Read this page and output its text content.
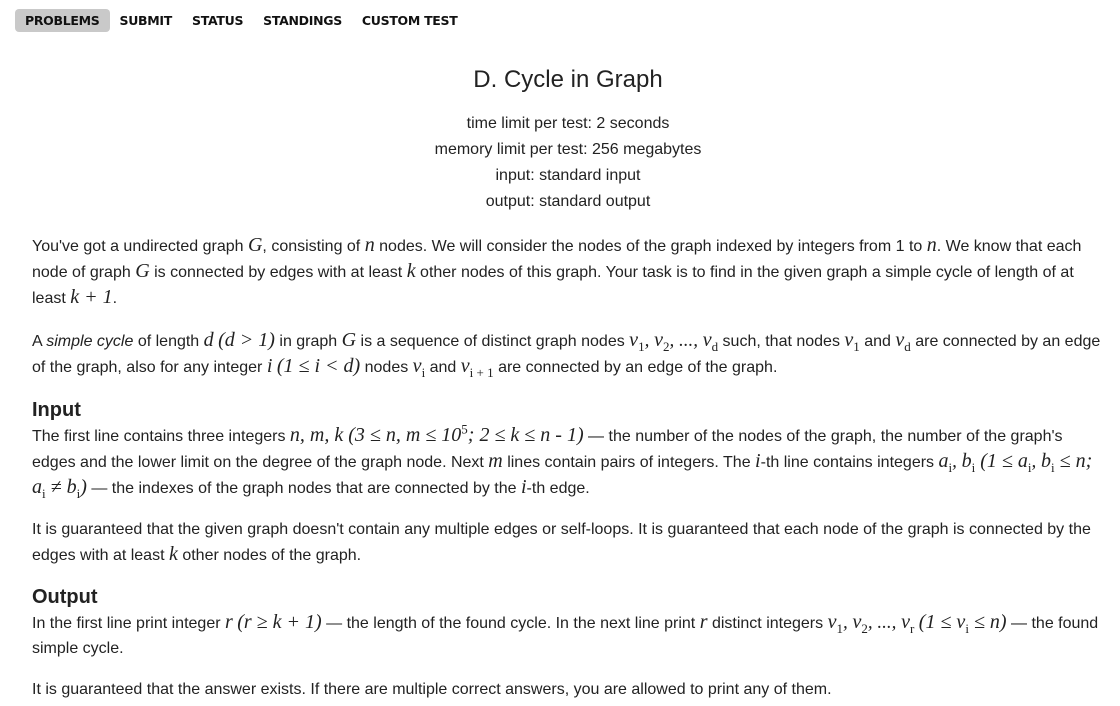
PROBLEMS	SUBMIT	STATUS	STANDINGS	CUSTOM TEST
D. Cycle in Graph
time limit per test: 2 seconds
memory limit per test: 256 megabytes
input: standard input
output: standard output

You've got a undirected graph G, consisting of n nodes. We will consider the nodes of the graph indexed by integers from 1 to n. We know that each node of graph G is connected by edges with at least k other nodes of this graph. Your task is to find in the given graph a simple cycle of length of at least k + 1.

A simple cycle of length d (d > 1) in graph G is a sequence of distinct graph nodes $v_1$, $v_2$, ..., $v_d$ such, that nodes $v_1$ and $v_d$ are connected by an edge of the graph, also for any integer i (1 ≤ i < d) nodes $v_i$ and $v_{i + 1}$ are connected by an edge of the graph.

Input

The first line contains three integers n, m, k (3 ≤ n, $m \le 10^5$; 2 ≤ k ≤ n - 1) — the number of the nodes of the graph, the number of the graph's edges and the lower limit on the degree of the graph node. Next m lines contain pairs of integers. The i-th line contains integers $a_i$, $b_i$ ($1 \le a_i$, $b_i \le n$; $a_i \ne b_i$) — the indexes of the graph nodes that are connected by the i-th edge.

It is guaranteed that the given graph doesn't contain any multiple edges or self-loops. It is guaranteed that each node of the graph is connected by the edges with at least k other nodes of the graph.

Output

In the first line print integer r (r ≥ k + 1) — the length of the found cycle. In the next line print r distinct integers $v_1$, $v_2$, ..., $v_r$ $(1 \le v_i \le n)$ — the found simple cycle.

It is guaranteed that the answer exists. If there are multiple correct answers, you are allowed to print any of them.
